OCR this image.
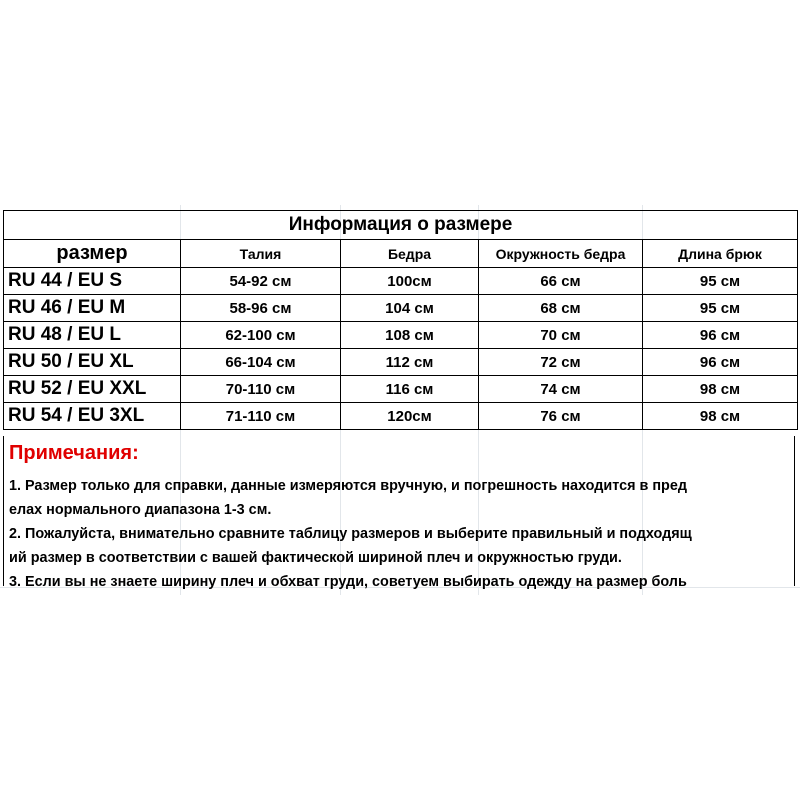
Информация о размере				
размер	Талия	Бедра	Окружность бедра	Длина брюк
RU 44 / EU S	54-92 см	100см	66 см	95 см
RU 46 / EU M	58-96 см	104 см	68 см	95 см
RU 48 / EU L	62-100 см	108 см	70 см	96 см
RU 50 / EU XL	66-104 см	112 см	72 см	96 см
RU 52 / EU XXL	70-110 см	116 см	74 см	98 см
RU 54 / EU 3XL	71-110 см	120см	76 см	98 см
Примечания:
1. Размер только для справки, данные измеряются вручную, и погрешность находится в пред
елах нормального диапазона 1-3 см.
2. Пожалуйста, внимательно сравните таблицу размеров и выберите правильный и подходящ
ий размер в соответствии с вашей фактической шириной плеч и окружностью груди.
3. Если вы не знаете ширину плеч и обхват груди, советуем выбирать одежду на размер боль
